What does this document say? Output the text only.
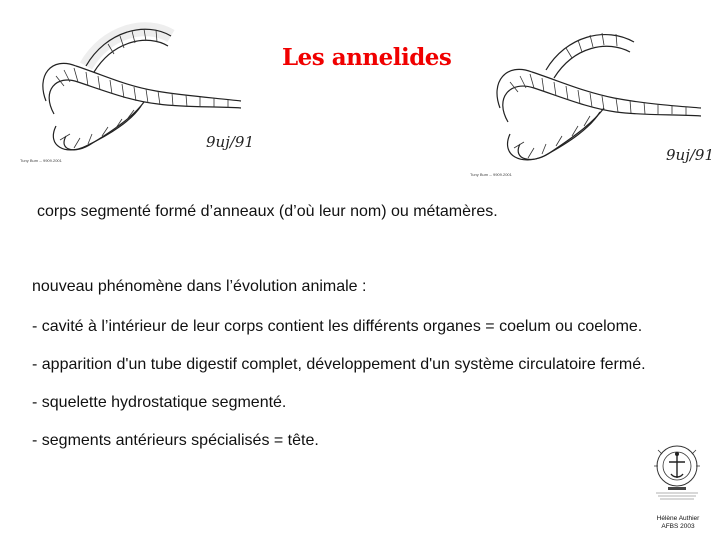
Les annelides
Tuny Bum -- 9909.2001
9uj/91
Tuny Bum -- 9909.2001
9uj/91
corps segmenté formé d’anneaux (d’où leur nom) ou métamères.
nouveau phénomène dans l’évolution animale :
- cavité à l’intérieur de leur corps contient les différents organes = coelum ou coelome.
- apparition d'un tube digestif complet, développement d'un système circulatoire fermé.
- squelette hydrostatique segmenté.
- segments antérieurs spécialisés = tête.
Hélène Authier
AFBS 2003
